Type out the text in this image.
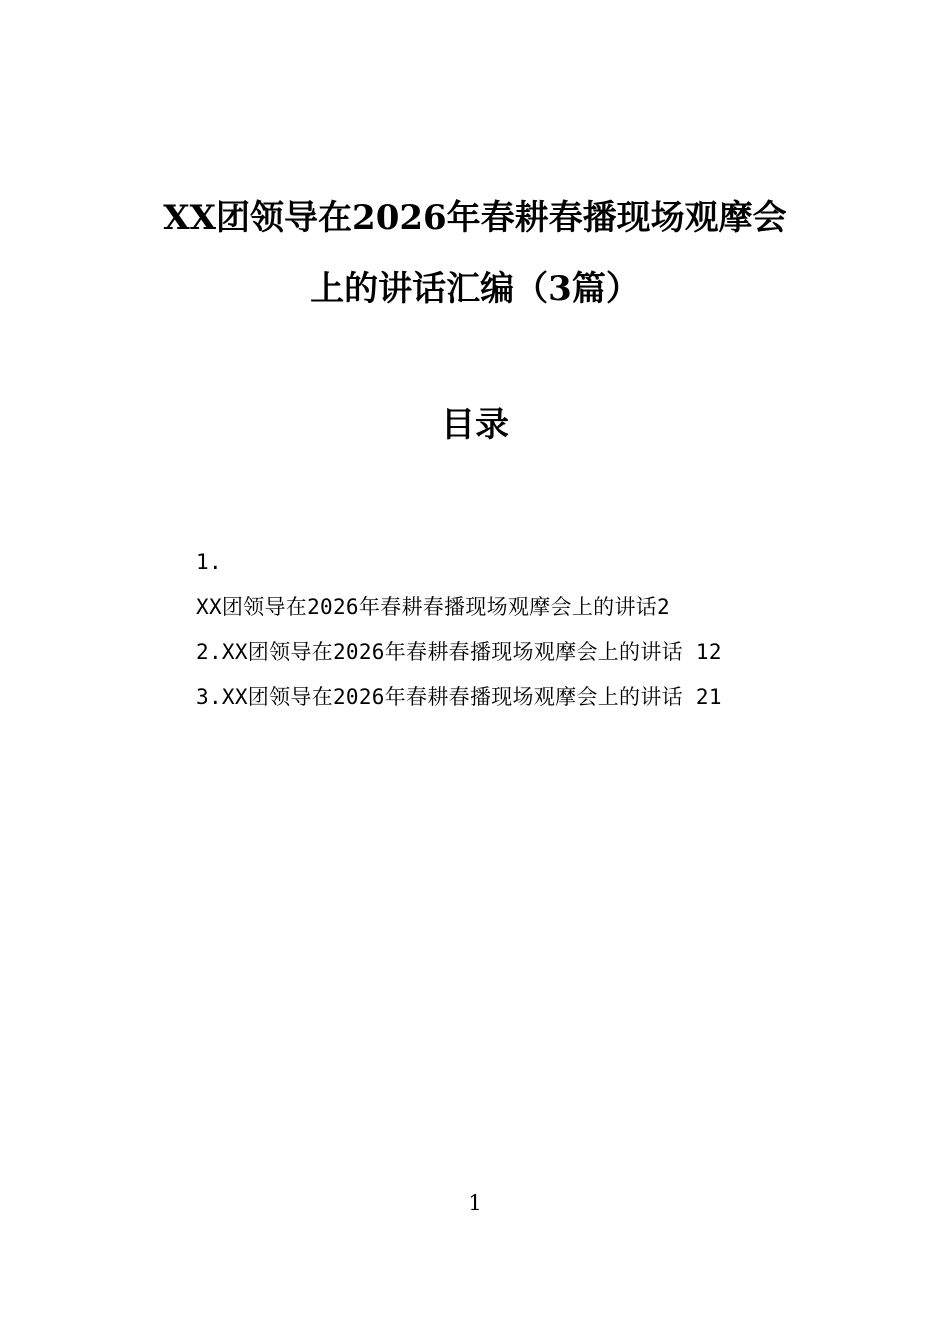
XX团领导在2026年春耕春播现场观摩会
上的讲话汇编（3篇）
目录
1.
XX团领导在2026年春耕春播现场观摩会上的讲话2
2.XX团领导在2026年春耕春播现场观摩会上的讲话 12
3.XX团领导在2026年春耕春播现场观摩会上的讲话 21
1
